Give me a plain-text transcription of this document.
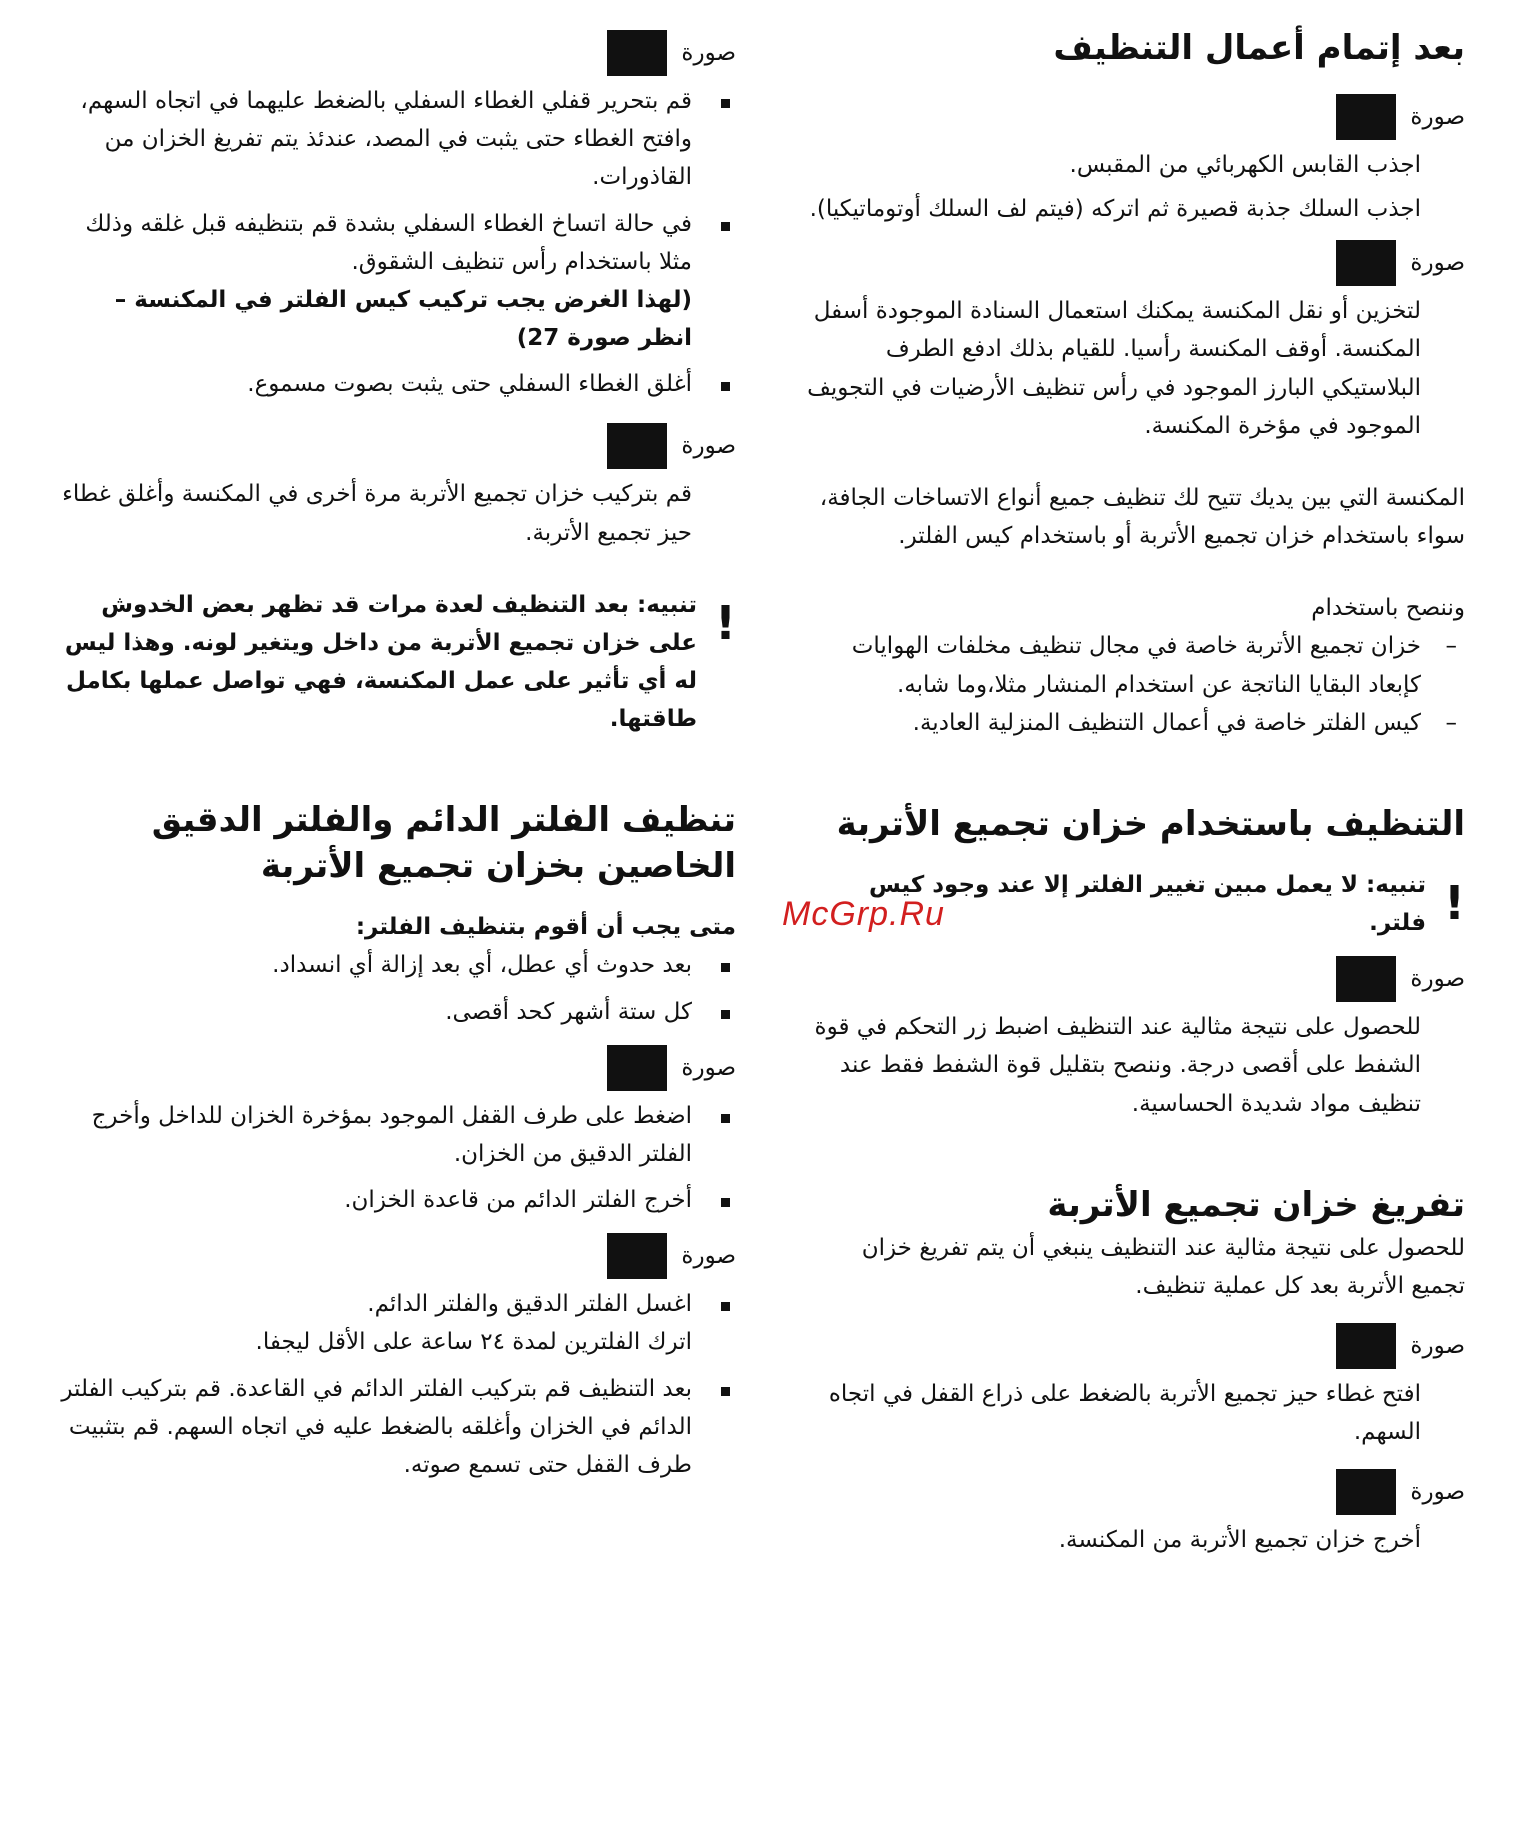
بعد إتمام أعمال التنظيف
صورة

اجذب القابس الكهربائي من المقبس.

اجذب السلك جذبة قصيرة ثم اتركه (فيتم لف السلك أوتوماتيكيا).

صورة

لتخزين أو نقل المكنسة يمكنك استعمال السنادة الموجودة أسفل المكنسة. أوقف المكنسة رأسيا. للقيام بذلك ادفع الطرف البلاستيكي البارز الموجود في رأس تنظيف الأرضيات في التجويف الموجود في مؤخرة المكنسة.

المكنسة التي بين يديك تتيح لك تنظيف جميع أنواع الاتساخات الجافة، سواء باستخدام خزان تجميع الأتربة أو باستخدام كيس الفلتر.

وننصح باستخدام

–
خزان تجميع الأتربة خاصة في مجال تنظيف مخلفات الهوايات كإبعاد البقايا الناتجة عن استخدام المنشار مثلا،وما شابه.
–
كيس الفلتر خاصة في أعمال التنظيف المنزلية العادية.
التنظيف باستخدام خزان تجميع الأتربة
!
تنبيه: لا يعمل مبين تغيير الفلتر إلا عند وجود كيس فلتر.
صورة

للحصول على نتيجة مثالية عند التنظيف اضبط زر التحكم في قوة الشفط على أقصى درجة. وننصح بتقليل قوة الشفط فقط عند تنظيف مواد شديدة الحساسية.

تفريغ خزان تجميع الأتربة

للحصول على نتيجة مثالية عند التنظيف ينبغي أن يتم تفريغ خزان تجميع الأتربة بعد كل عملية تنظيف.

صورة

افتح غطاء حيز تجميع الأتربة بالضغط على ذراع القفل في اتجاه السهم.

صورة

أخرج خزان تجميع الأتربة من المكنسة.

صورة
قم بتحرير قفلي الغطاء السفلي بالضغط عليهما في اتجاه السهم، وافتح الغطاء حتى يثبت في المصد، عندئذ يتم تفريغ الخزان من القاذورات.
في حالة اتساخ الغطاء السفلي بشدة قم بتنظيفه قبل غلقه وذلك مثلا باستخدام رأس تنظيف الشقوق.

(لهذا الغرض يجب تركيب كيس الفلتر في المكنسة – انظر صورة 27)

أغلق الغطاء السفلي حتى يثبت بصوت مسموع.
صورة

قم بتركيب خزان تجميع الأتربة مرة أخرى في المكنسة وأغلق غطاء حيز تجميع الأتربة.

!
تنبيه: بعد التنظيف لعدة مرات قد تظهر بعض الخدوش على خزان تجميع الأتربة من داخل ويتغير لونه. وهذا ليس له أي تأثير على عمل المكنسة، فهي تواصل عملها بكامل طاقتها.
تنظيف الفلتر الدائم والفلتر الدقيق
الخاصين بخزان تجميع الأتربة

متى يجب أن أقوم بتنظيف الفلتر:

بعد حدوث أي عطل، أي بعد إزالة أي انسداد.
كل ستة أشهر كحد أقصى.
صورة
اضغط على طرف القفل الموجود بمؤخرة الخزان للداخل وأخرج الفلتر الدقيق من الخزان.
أخرج الفلتر الدائم من قاعدة الخزان.
صورة
اغسل الفلتر الدقيق والفلتر الدائم.

اترك الفلترين لمدة ٢٤ ساعة على الأقل ليجفا.

بعد التنظيف قم بتركيب الفلتر الدائم في القاعدة. قم بتركيب الفلتر الدائم في الخزان وأغلقه بالضغط عليه في اتجاه السهم. قم بتثبيت طرف القفل حتى تسمع صوته.
McGrp.Ru
